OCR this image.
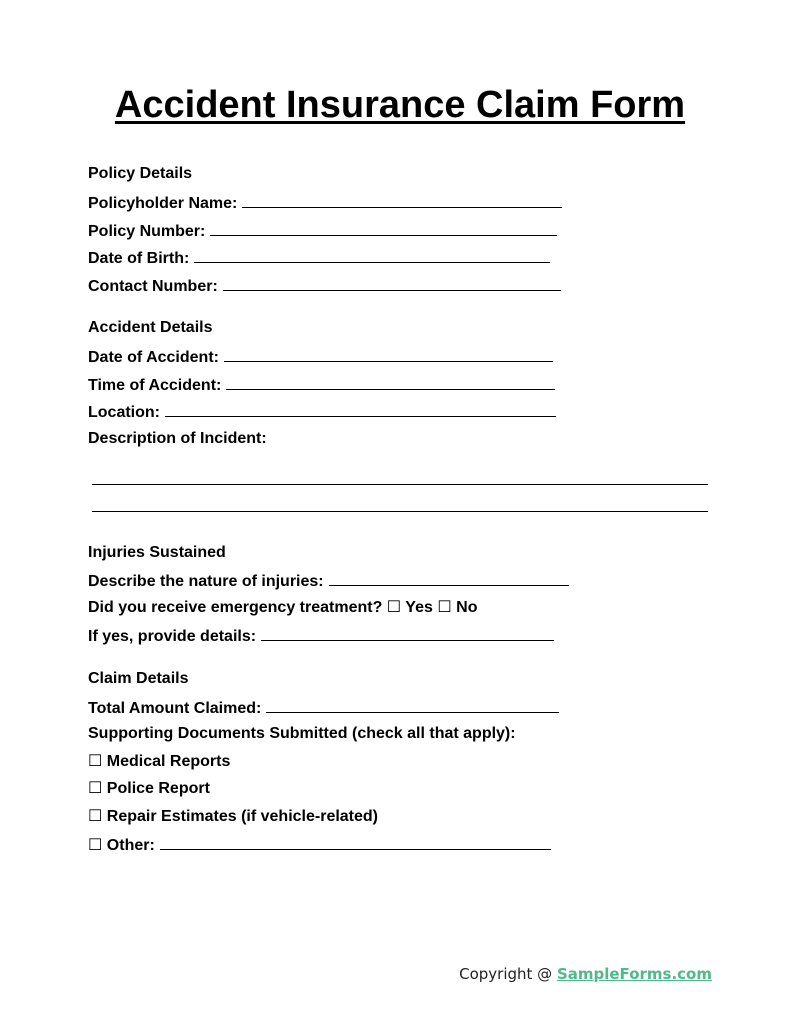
Accident Insurance Claim Form
Policy Details
Policyholder Name:
Policy Number:
Date of Birth:
Contact Number:
Accident Details
Date of Accident:
Time of Accident:
Location:
Description of Incident:
Injuries Sustained
Describe the nature of injuries:
Did you receive emergency treatment? ☐ Yes ☐ No
If yes, provide details:
Claim Details
Total Amount Claimed:
Supporting Documents Submitted (check all that apply):
☐ Medical Reports
☐ Police Report
☐ Repair Estimates (if vehicle-related)
☐ Other:
Copyright @ SampleForms.com
